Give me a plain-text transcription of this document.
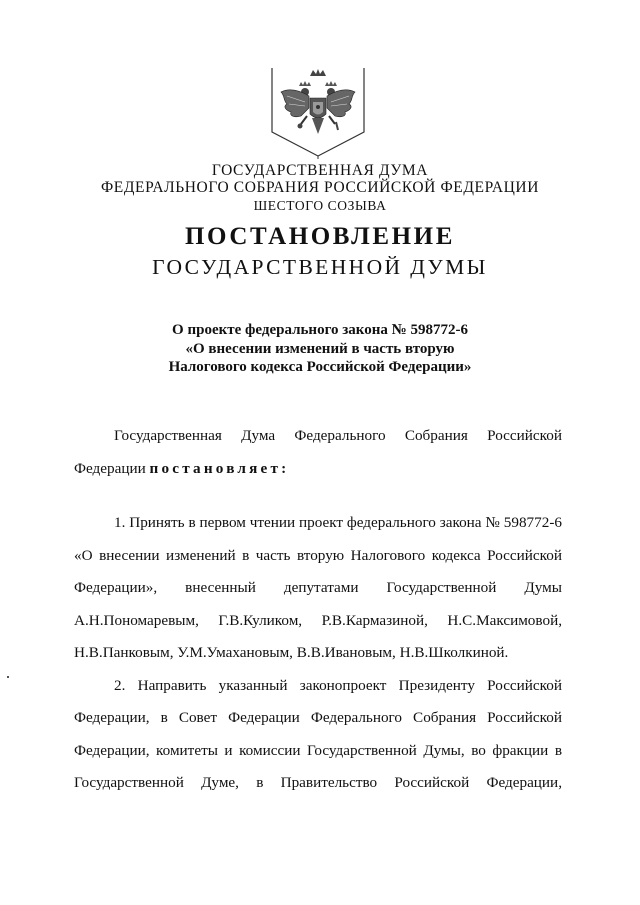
ГОСУДАРСТВЕННАЯ ДУМА
ФЕДЕРАЛЬНОГО СОБРАНИЯ РОССИЙСКОЙ ФЕДЕРАЦИИ
ШЕСТОГО СОЗЫВА
ПОСТАНОВЛЕНИЕ
ГОСУДАРСТВЕННОЙ ДУМЫ
О проекте федерального закона № 598772-6
«О внесении изменений в часть вторую
Налогового кодекса Российской Федерации»
Государственная Дума Федерального Собрания Российской
Федерации постановляет:
1. Принять в первом чтении проект федерального закона № 598772-6
«О внесении изменений в часть вторую Налогового кодекса Российской
Федерации», внесенный депутатами Государственной Думы
А.Н.Пономаревым, Г.В.Куликом, Р.В.Кармазиной, Н.С.Максимовой,
Н.В.Панковым, У.М.Умахановым, В.В.Ивановым, Н.В.Школкиной.
2. Направить указанный законопроект Президенту Российской
Федерации, в Совет Федерации Федерального Собрания Российской
Федерации, комитеты и комиссии Государственной Думы, во фракции в
Государственной Думе, в Правительство Российской Федерации,
